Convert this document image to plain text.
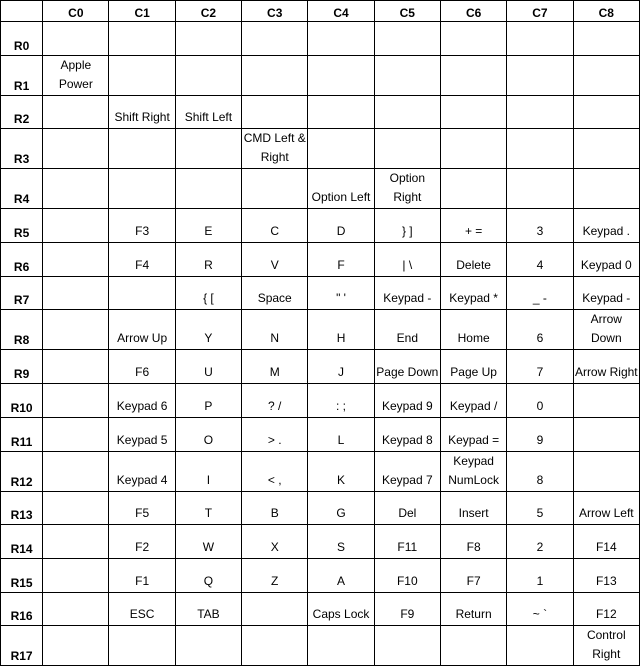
	C0	C1	C2	C3	C4	C5	C6	C7	C8
R0									
R1	Apple Power								
R2		Shift Right	Shift Left						
R3				CMD Left & Right					
R4					Option Left	Option Right			
R5		F3	E	C	D	} ]	+ =	3	Keypad .
R6		F4	R	V	F	| \	Delete	4	Keypad 0
R7			{ [	Space	" '	Keypad -	Keypad *	_ -	Keypad -
R8		Arrow Up	Y	N	H	End	Home	6	Arrow Down
R9		F6	U	M	J	Page Down	Page Up	7	Arrow Right
R10		Keypad 6	P	? /	: ;	Keypad 9	Keypad /	0	
R11		Keypad 5	O	> .	L	Keypad 8	Keypad =	9	
R12		Keypad 4	I	< ,	K	Keypad 7	Keypad NumLock	8	
R13		F5	T	B	G	Del	Insert	5	Arrow Left
R14		F2	W	X	S	F11	F8	2	F14
R15		F1	Q	Z	A	F10	F7	1	F13
R16		ESC	TAB		Caps Lock	F9	Return	~ `	F12
R17									Control Right
